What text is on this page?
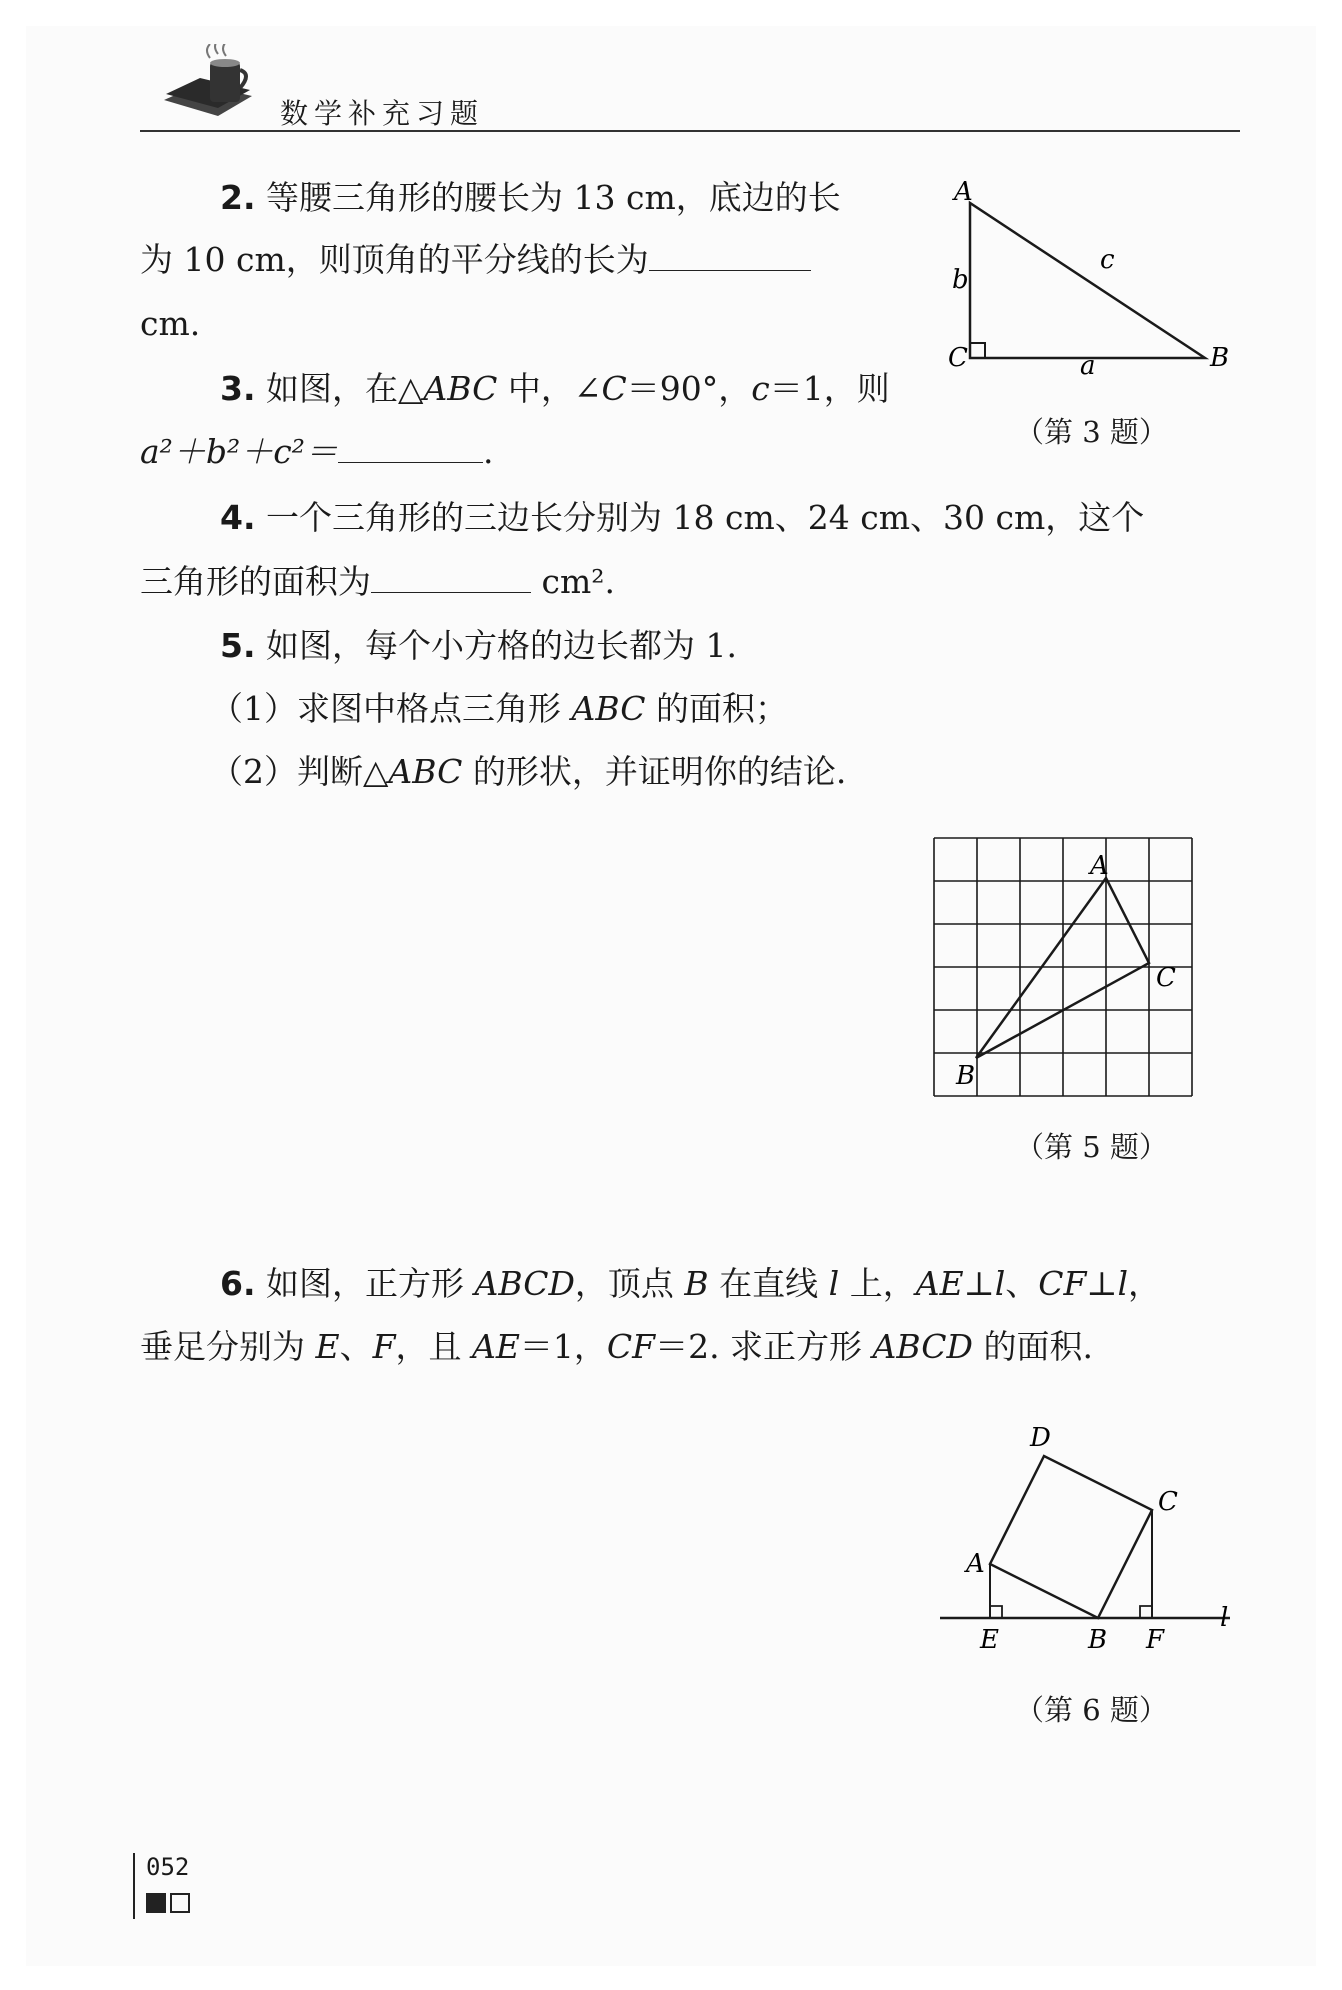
数学补充习题
2. 等腰三角形的腰长为 13 cm，底边的长
为 10 cm，则顶角的平分线的长为
cm.
3. 如图，在△ABC 中，∠C＝90°，c＝1，则
a²＋b²＋c²＝	.
A
B
C	a
b
c
（第 3 题）
4. 一个三角形的三边长分别为 18 cm、24 cm、30 cm，这个
三角形的面积为	cm².
5. 如图，每个小方格的边长都为 1.
（1）求图中格点三角形 ABC 的面积；
（2）判断△ABC 的形状，并证明你的结论.
A
B
C
（第 5 题）
6. 如图，正方形 ABCD，顶点 B 在直线 l 上，AE⊥l、CF⊥l，
垂足分别为 E、F，且 AE＝1，CF＝2. 求正方形 ABCD 的面积.
A
B
C
D
E	F
l
（第 6 题）
052
